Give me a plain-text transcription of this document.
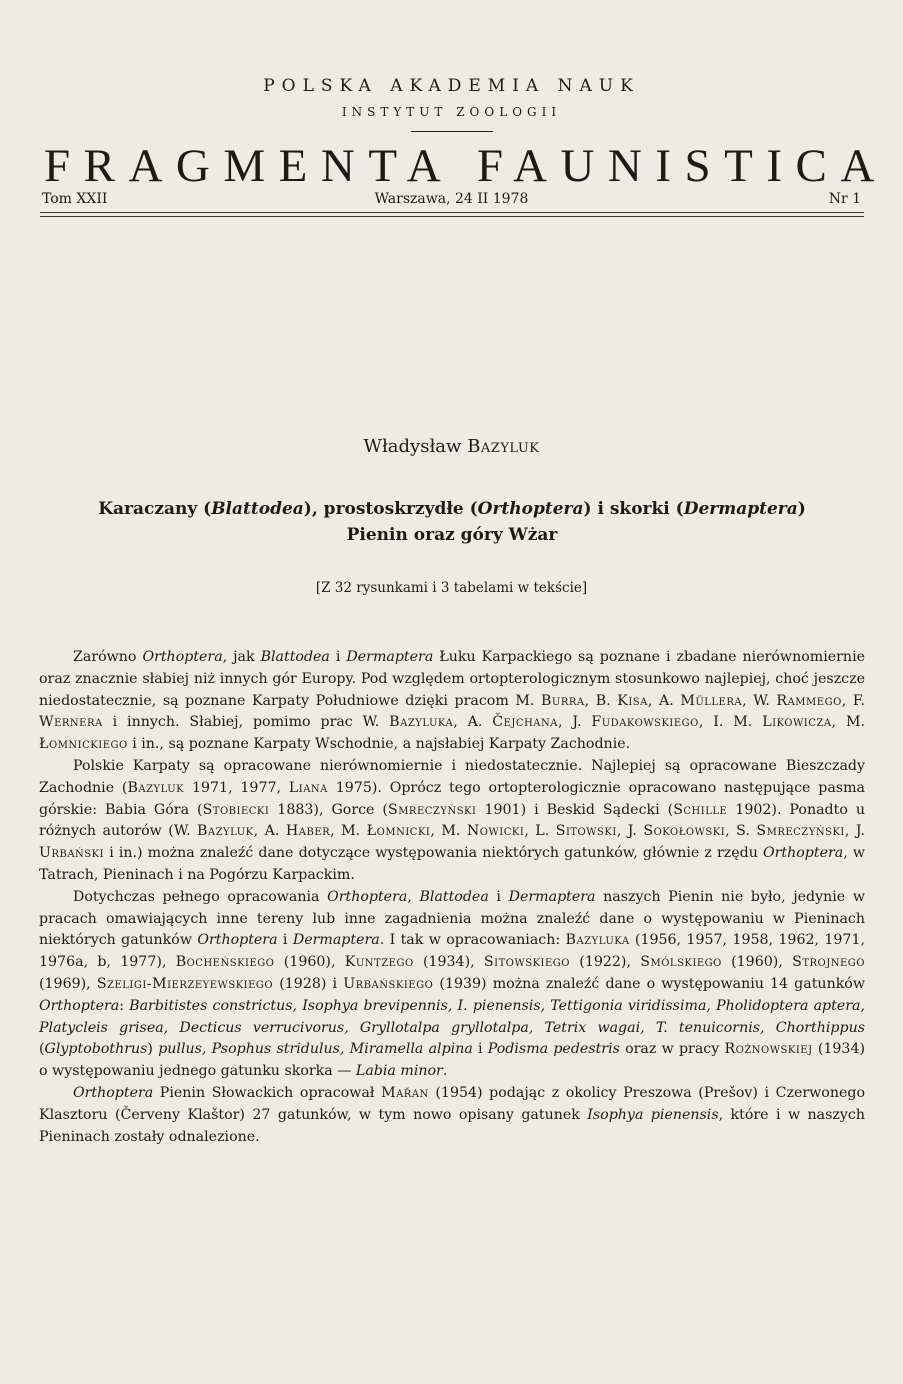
POLSKA AKADEMIA NAUK
INSTYTUT ZOOLOGII
FRAGMENTA FAUNISTICA
Tom XXII	Warszawa, 24 II 1978	Nr 1
Władysław Bazyluk
Karaczany (Blattodea), prostoskrzydłe (Orthoptera) i skorki (Dermaptera)
Pienin oraz góry Wżar
[Z 32 rysunkami i 3 tabelami w tekście]

Zarówno Orthoptera, jak Blattodea i Dermaptera Łuku Karpackiego są poznane i zbadane nierównomiernie oraz znacznie słabiej niż innych gór Europy. Pod względem ortopterologicznym stosunkowo najlepiej, choć jeszcze niedostatecznie, są poznane Karpaty Południowe dzięki pracom M. Burra, B. Kisa, A. Müllera, W. Rammego, F. Wernera i innych. Słabiej, pomimo prac W. Bazyluka, A. Čejchana, J. Fudakowskiego, I. M. Likowicza, M. Łomnickiego i in., są poznane Karpaty Wschodnie, a najsłabiej Karpaty Zachodnie.

Polskie Karpaty są opracowane nierównomiernie i niedostatecznie. Najlepiej są opracowane Bieszczady Zachodnie (Bazyluk 1971, 1977, Liana 1975). Oprócz tego ortopterologicznie opracowano następujące pasma górskie: Babia Góra (Stobiecki 1883), Gorce (Smreczyński 1901) i Beskid Sądecki (Schille 1902). Ponadto u różnych autorów (W. Bazyluk, A. Haber, M. Łomnicki, M. Nowicki, L. Sitowski, J. Sokołowski, S. Smreczyński, J. Urbański i in.) można znaleźć dane dotyczące występowania niektórych gatunków, głównie z rzędu Orthoptera, w Tatrach, Pieninach i na Pogórzu Karpackim.

Dotychczas pełnego opracowania Orthoptera, Blattodea i Dermaptera naszych Pienin nie było, jedynie w pracach omawiających inne tereny lub inne zagadnienia można znaleźć dane o występowaniu w Pieninach niektórych gatunków Orthoptera i Dermaptera. I tak w opracowaniach: Bazyluka (1956, 1957, 1958, 1962, 1971, 1976a, b, 1977), Bocheńskiego (1960), Kuntzego (1934), Sitowskiego (1922), Smólskiego (1960), Strojnego (1969), Szeligi-Mierzeyewskiego (1928) i Urbańskiego (1939) można znaleźć dane o występowaniu 14 gatunków Orthoptera: Barbitistes constrictus, Isophya brevipennis, I. pienensis, Tettigonia viridissima, Pholidoptera aptera, Platycleis grisea, Decticus verrucivorus, Gryllotalpa gryllotalpa, Tetrix wagai, T. tenuicornis, Chorthippus (Glyptobothrus) pullus, Psophus stridulus, Miramella alpina i Podisma pedestris oraz w pracy Rożnowskiej (1934) o występowaniu jednego gatunku skorka — Labia minor.

Orthoptera Pienin Słowackich opracował Mařan (1954) podając z okolicy Preszowa (Prešov) i Czerwonego Klasztoru (Červeny Klaštor) 27 gatunków, w tym nowo opisany gatunek Isophya pienensis, które i w naszych Pieninach zostały odnalezione.
